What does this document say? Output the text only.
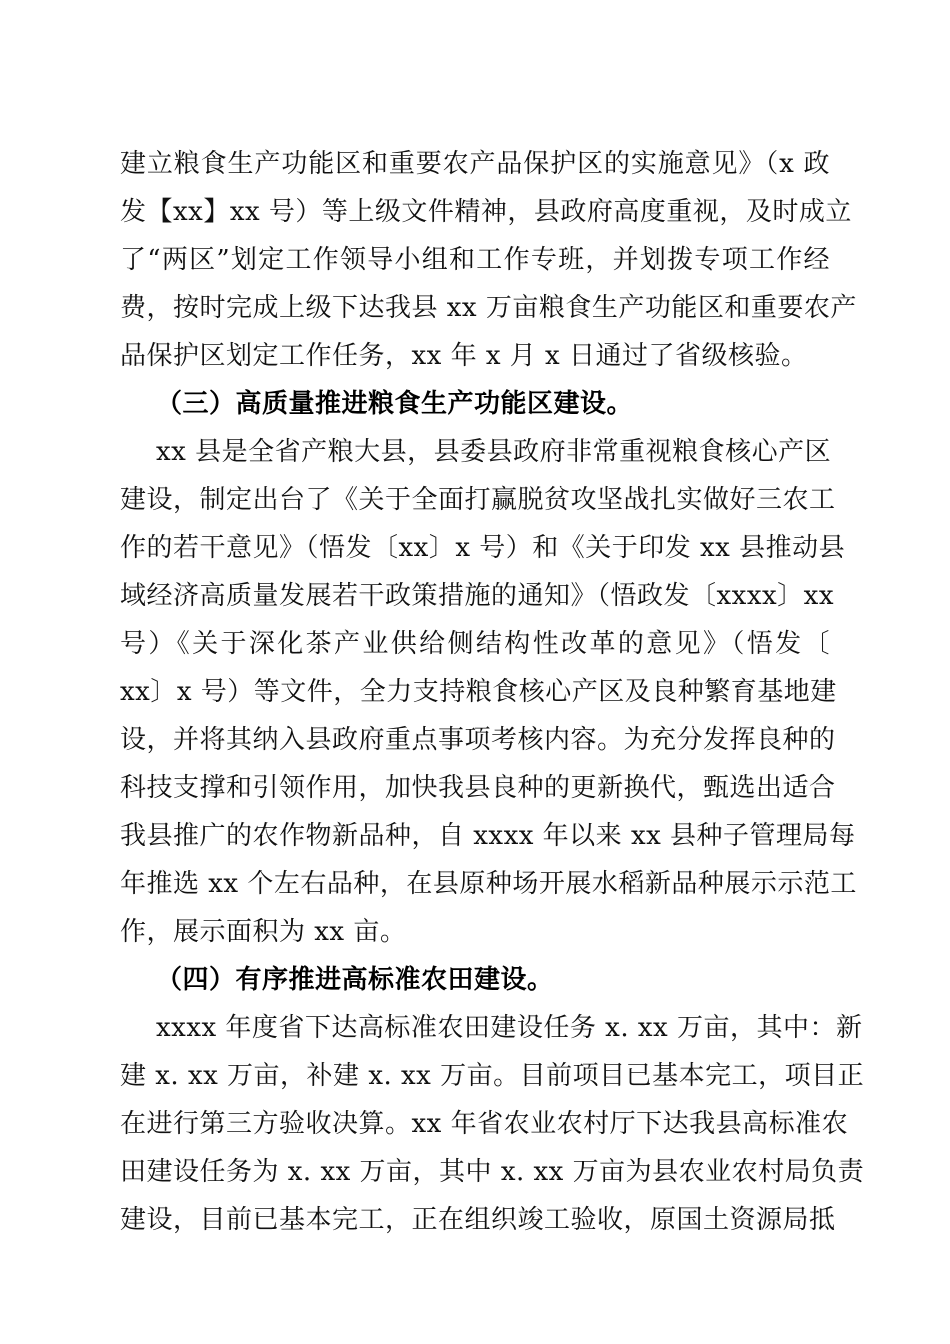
建立粮食生产功能区和重要农产品保护区的实施意见》（x 政
发【xx】xx 号）等上级文件精神，县政府高度重视，及时成立
了“两区”划定工作领导小组和工作专班，并划拨专项工作经
费，按时完成上级下达我县 xx 万亩粮食生产功能区和重要农产
品保护区划定工作任务，xx 年 x 月 x 日通过了省级核验。
（三）高质量推进粮食生产功能区建设。
xx 县是全省产粮大县，县委县政府非常重视粮食核心产区
建设，制定出台了《关于全面打赢脱贫攻坚战扎实做好三农工
作的若干意见》（悟发〔xx〕x 号）和《关于印发 xx 县推动县
域经济高质量发展若干政策措施的通知》（悟政发〔xxxx〕xx
号）《关于深化茶产业供给侧结构性改革的意见》（悟发〔
xx〕x 号）等文件，全力支持粮食核心产区及良种繁育基地建
设，并将其纳入县政府重点事项考核内容。为充分发挥良种的
科技支撑和引领作用，加快我县良种的更新换代，甄选出适合
我县推广的农作物新品种，自 xxxx 年以来 xx 县种子管理局每
年推选 xx 个左右品种，在县原种场开展水稻新品种展示示范工
作，展示面积为 xx 亩。
（四）有序推进高标准农田建设。
xxxx 年度省下达高标准农田建设任务 x. xx 万亩，其中：新
建 x. xx 万亩，补建 x. xx 万亩。目前项目已基本完工，项目正
在进行第三方验收决算。xx 年省农业农村厅下达我县高标准农
田建设任务为 x. xx 万亩，其中 x. xx 万亩为县农业农村局负责
建设，目前已基本完工，正在组织竣工验收，原国土资源局抵
